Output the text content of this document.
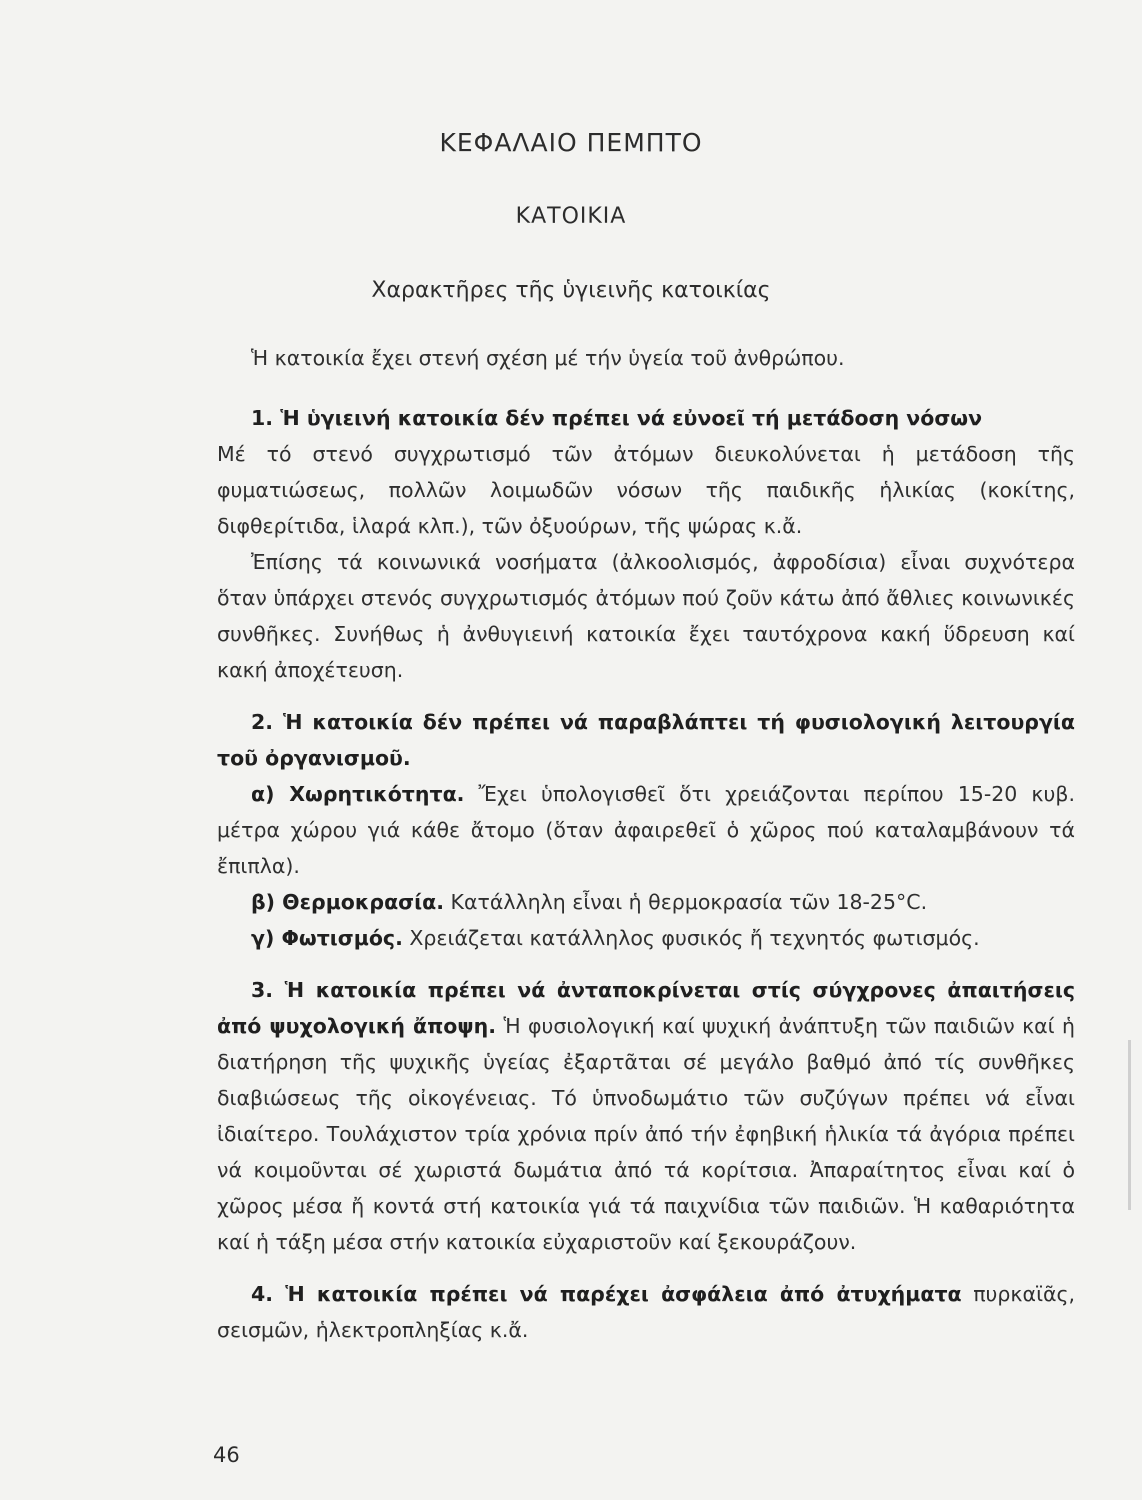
ΚΕΦΑΛΑΙΟ ΠΕΜΠΤΟ
ΚΑΤΟΙΚΙΑ
Χαρακτῆρες τῆς ὑγιεινῆς κατοικίας

Ἡ κατοικία ἔχει στενή σχέση μέ τήν ὑγεία τοῦ ἀνθρώπου.

1. Ἡ ὑγιεινή κατοικία δέν πρέπει νά εὐνοεῖ τή μετάδοση νόσων

Μέ τό στενό συγχρωτισμό τῶν ἀτόμων διευκολύνεται ἡ μετάδοση τῆς φυματιώσεως, πολλῶν λοιμωδῶν νόσων τῆς παιδικῆς ἡλικίας (κοκίτης, διφθερίτιδα, ἱλαρά κλπ.), τῶν ὀξυούρων, τῆς ψώρας κ.ἄ.

Ἐπίσης τά κοινωνικά νοσήματα (ἀλκοολισμός, ἀφροδίσια) εἶναι συχνότερα ὅταν ὑπάρχει στενός συγχρωτισμός ἀτόμων πού ζοῦν κάτω ἀπό ἄθλιες κοινωνικές συνθῆκες. Συνήθως ἡ ἀνθυγιεινή κατοικία ἔχει ταυτόχρονα κακή ὕδρευση καί κακή ἀποχέτευση.

2. Ἡ κατοικία δέν πρέπει νά παραβλάπτει τή φυσιολογική λειτουργία τοῦ ὀργανισμοῦ.

α) Χωρητικότητα. Ἔχει ὑπολογισθεῖ ὅτι χρειάζονται περίπου 15-20 κυβ. μέτρα χώρου γιά κάθε ἄτομο (ὅταν ἀφαιρεθεῖ ὁ χῶρος πού καταλαμβάνουν τά ἔπιπλα).

β) Θερμοκρασία. Κατάλληλη εἶναι ἡ θερμοκρασία τῶν 18-25°C.

γ) Φωτισμός. Χρειάζεται κατάλληλος φυσικός ἤ τεχνητός φωτισμός.

3. Ἡ κατοικία πρέπει νά ἀνταποκρίνεται στίς σύγχρονες ἀπαιτήσεις ἀπό ψυχολογική ἄποψη. Ἡ φυσιολογική καί ψυχική ἀνάπτυξη τῶν παιδιῶν καί ἡ διατήρηση τῆς ψυχικῆς ὑγείας ἐξαρτᾶται σέ μεγάλο βαθμό ἀπό τίς συνθῆκες διαβιώσεως τῆς οἰκογένειας. Τό ὑπνοδωμάτιο τῶν συζύγων πρέπει νά εἶναι ἰδιαίτερο. Τουλάχιστον τρία χρόνια πρίν ἀπό τήν ἐφηβική ἡλικία τά ἀγόρια πρέπει νά κοιμοῦνται σέ χωριστά δωμάτια ἀπό τά κορίτσια. Ἀπαραίτητος εἶναι καί ὁ χῶρος μέσα ἤ κοντά στή κατοικία γιά τά παιχνίδια τῶν παιδιῶν. Ἡ καθαριότητα καί ἡ τάξη μέσα στήν κατοικία εὐχαριστοῦν καί ξεκουράζουν.

4. Ἡ κατοικία πρέπει νά παρέχει ἀσφάλεια ἀπό ἀτυχήματα πυρκαϊᾶς, σεισμῶν, ἡλεκτροπληξίας κ.ἄ.

46
